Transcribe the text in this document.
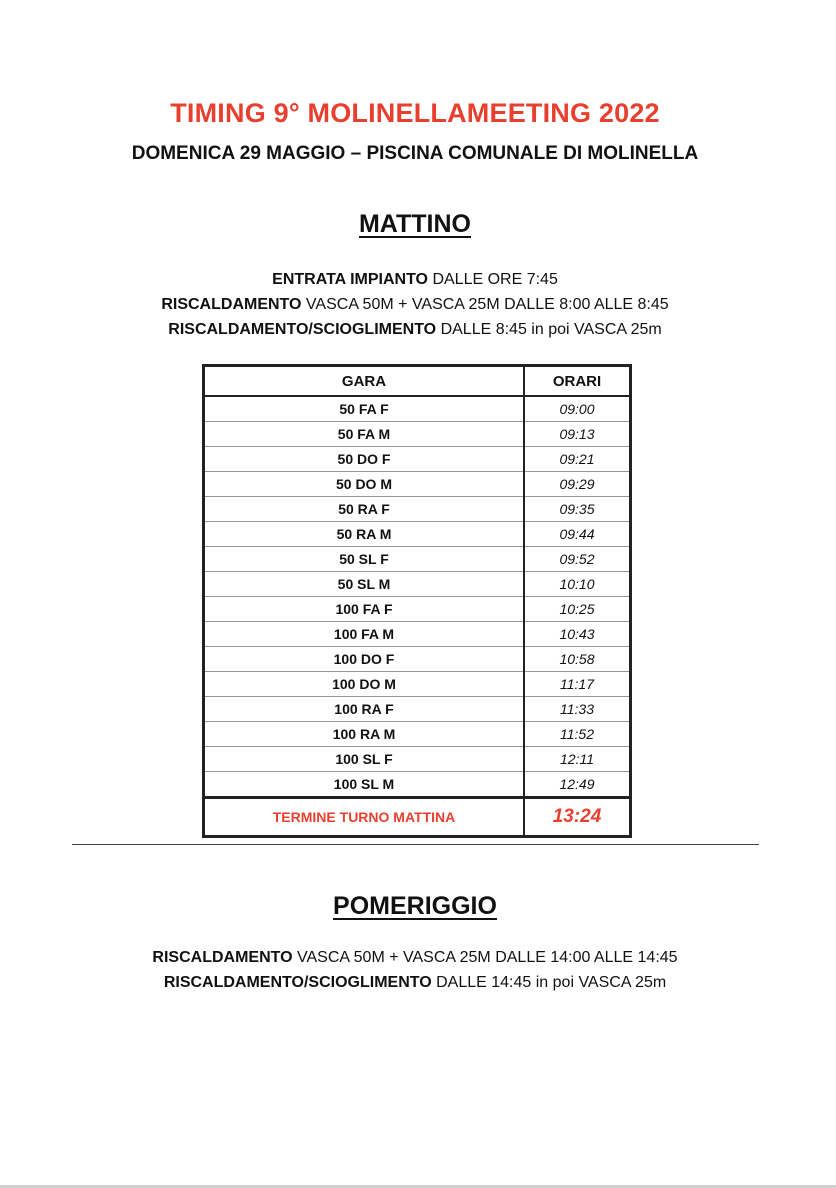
TIMING 9° MOLINELLAMEETING 2022
DOMENICA 29 MAGGIO – PISCINA COMUNALE DI MOLINELLA
MATTINO
ENTRATA IMPIANTO DALLE ORE 7:45
RISCALDAMENTO VASCA 50M + VASCA 25M DALLE 8:00 ALLE 8:45
RISCALDAMENTO/SCIOGLIMENTO DALLE 8:45 in poi VASCA 25m
GARA	ORARI
50 FA F	09:00
50 FA M	09:13
50 DO F	09:21
50 DO M	09:29
50 RA F	09:35
50 RA M	09:44
50 SL F	09:52
50 SL M	10:10
100 FA F	10:25
100 FA M	10:43
100 DO F	10:58
100 DO M	11:17
100 RA F	11:33
100 RA M	11:52
100 SL F	12:11
100 SL M	12:49
TERMINE TURNO MATTINA	13:24
POMERIGGIO
RISCALDAMENTO VASCA 50M + VASCA 25M DALLE 14:00 ALLE 14:45
RISCALDAMENTO/SCIOGLIMENTO DALLE 14:45 in poi VASCA 25m
